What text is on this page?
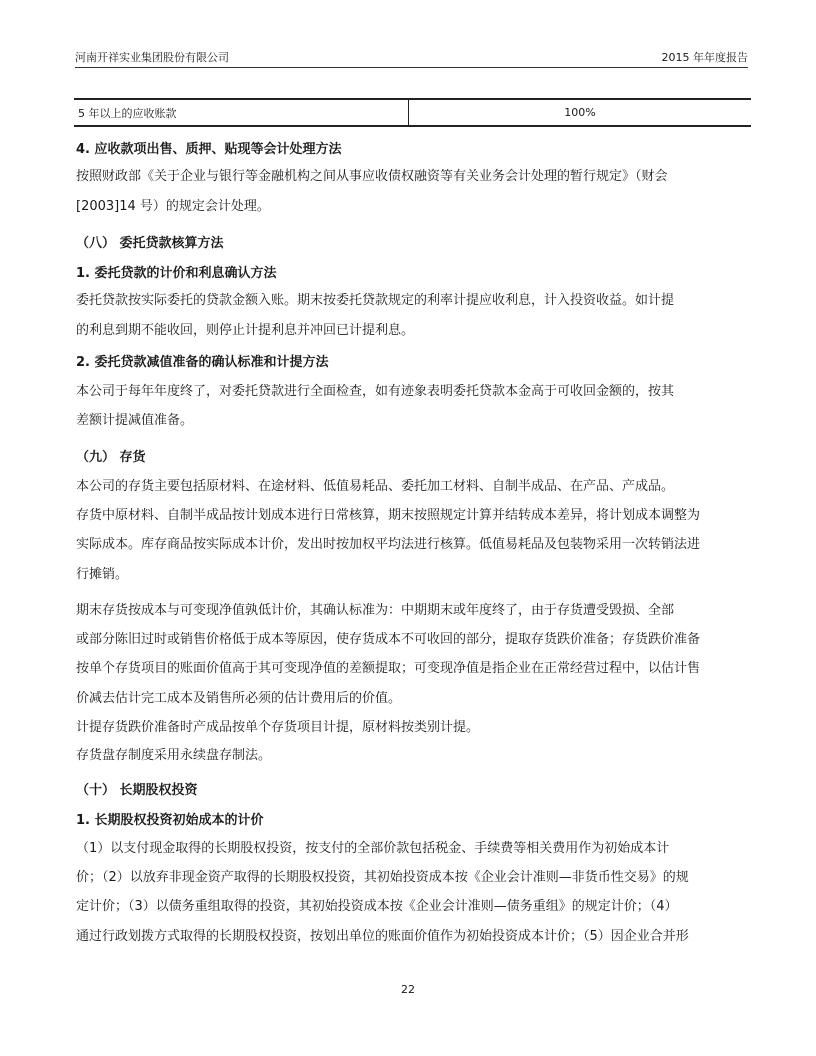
河南开祥实业集团股份有限公司	2015 年年度报告
5 年以上的应收账款	100%
4. 应收款项出售、质押、贴现等会计处理方法
按照财政部《关于企业与银行等金融机构之间从事应收债权融资等有关业务会计处理的暂行规定》（财会
[2003]14 号）的规定会计处理。
（八） 委托贷款核算方法
1. 委托贷款的计价和利息确认方法
委托贷款按实际委托的贷款金额入账。期末按委托贷款规定的利率计提应收利息，计入投资收益。如计提
的利息到期不能收回，则停止计提利息并冲回已计提利息。
2. 委托贷款减值准备的确认标准和计提方法
本公司于每年年度终了，对委托贷款进行全面检查，如有迹象表明委托贷款本金高于可收回金额的，按其
差额计提减值准备。
（九） 存货
本公司的存货主要包括原材料、在途材料、低值易耗品、委托加工材料、自制半成品、在产品、产成品。
存货中原材料、自制半成品按计划成本进行日常核算，期末按照规定计算并结转成本差异，将计划成本调整为
实际成本。库存商品按实际成本计价，发出时按加权平均法进行核算。低值易耗品及包装物采用一次转销法进
行摊销。
期末存货按成本与可变现净值孰低计价，其确认标准为：中期期末或年度终了，由于存货遭受毁损、全部
或部分陈旧过时或销售价格低于成本等原因，使存货成本不可收回的部分，提取存货跌价准备；存货跌价准备
按单个存货项目的账面价值高于其可变现净值的差额提取；可变现净值是指企业在正常经营过程中，以估计售
价减去估计完工成本及销售所必须的估计费用后的价值。
计提存货跌价准备时产成品按单个存货项目计提，原材料按类别计提。
存货盘存制度采用永续盘存制法。
（十） 长期股权投资
1. 长期股权投资初始成本的计价
（1）以支付现金取得的长期股权投资，按支付的全部价款包括税金、手续费等相关费用作为初始成本计
价；（2）以放弃非现金资产取得的长期股权投资，其初始投资成本按《企业会计准则—非货币性交易》的规
定计价；（3）以债务重组取得的投资，其初始投资成本按《企业会计准则—债务重组》的规定计价；（4）
通过行政划拨方式取得的长期股权投资，按划出单位的账面价值作为初始投资成本计价；（5）因企业合并形
22
